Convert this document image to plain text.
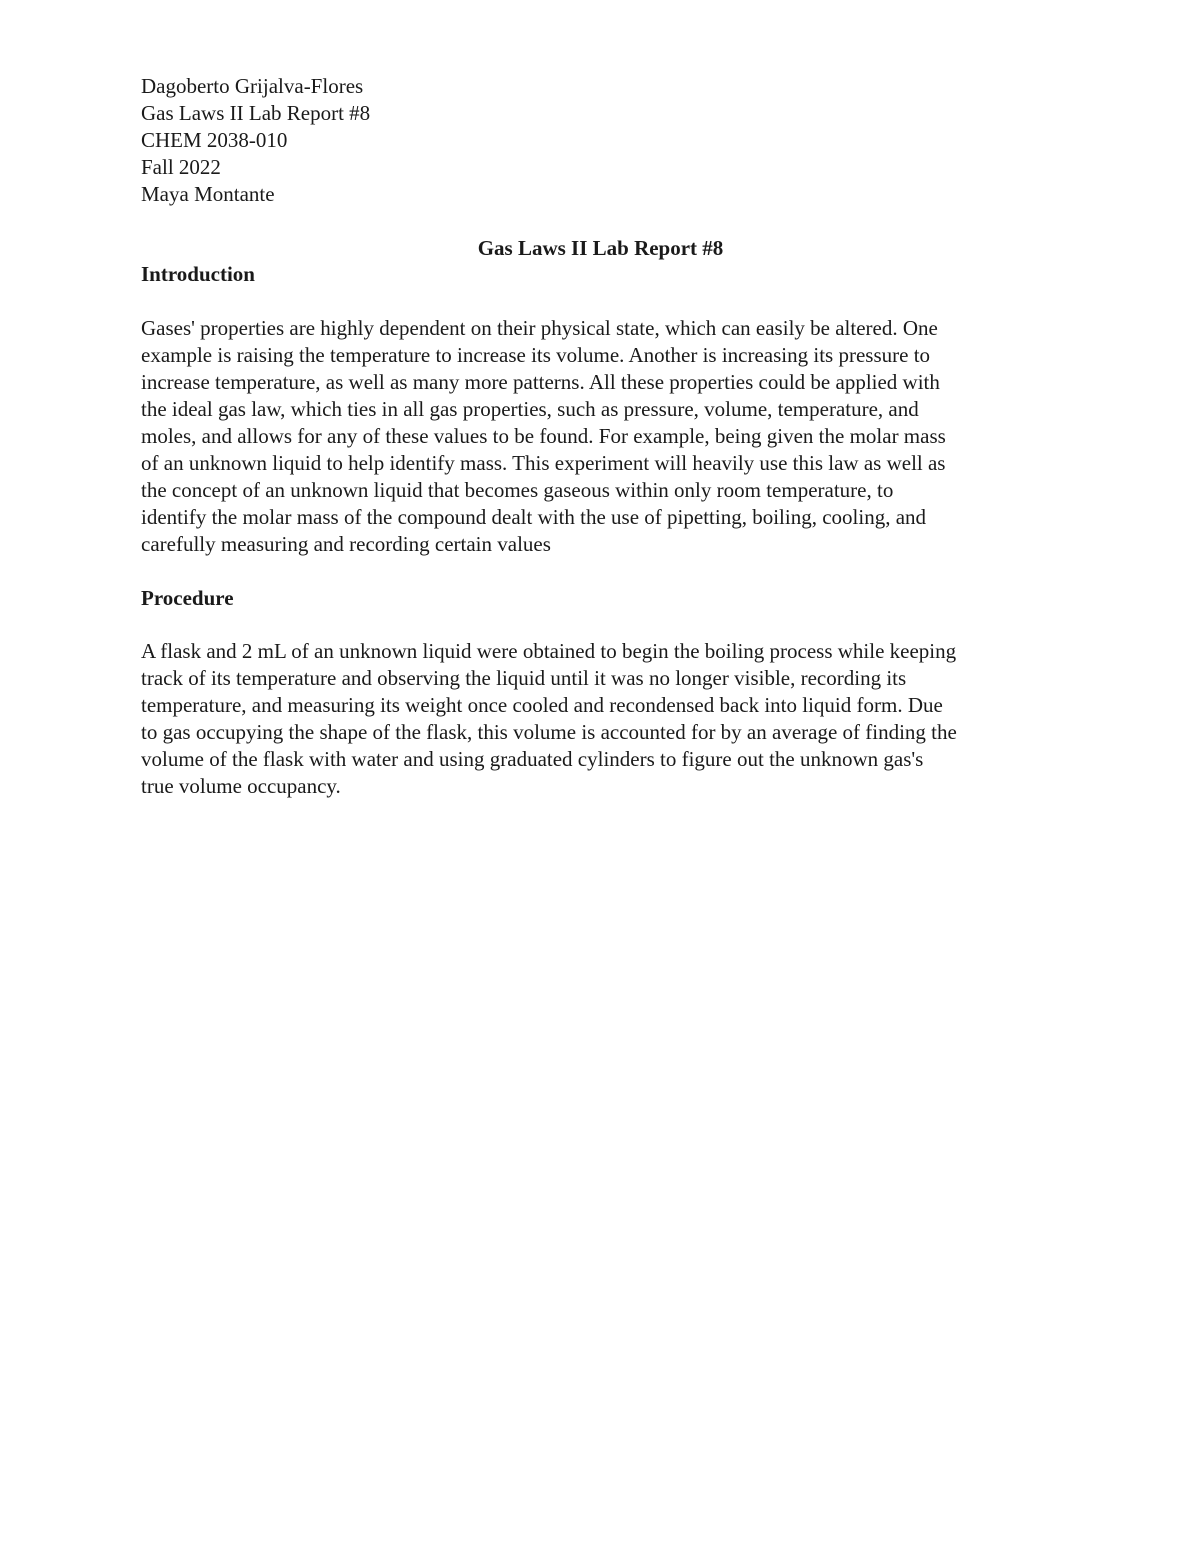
Dagoberto Grijalva-Flores
Gas Laws II Lab Report #8
CHEM 2038-010
Fall 2022
Maya Montante
Gas Laws II Lab Report #8
Introduction
Gases' properties are highly dependent on their physical state, which can easily be altered. One
example is raising the temperature to increase its volume. Another is increasing its pressure to
increase temperature, as well as many more patterns. All these properties could be applied with
the ideal gas law, which ties in all gas properties, such as pressure, volume, temperature, and
moles, and allows for any of these values to be found. For example, being given the molar mass
of an unknown liquid to help identify mass. This experiment will heavily use this law as well as
the concept of an unknown liquid that becomes gaseous within only room temperature, to
identify the molar mass of the compound dealt with the use of pipetting, boiling, cooling, and
carefully measuring and recording certain values
Procedure
A flask and 2 mL of an unknown liquid were obtained to begin the boiling process while keeping
track of its temperature and observing the liquid until it was no longer visible, recording its
temperature, and measuring its weight once cooled and recondensed back into liquid form. Due
to gas occupying the shape of the flask, this volume is accounted for by an average of finding the
volume of the flask with water and using graduated cylinders to figure out the unknown gas's
true volume occupancy.
